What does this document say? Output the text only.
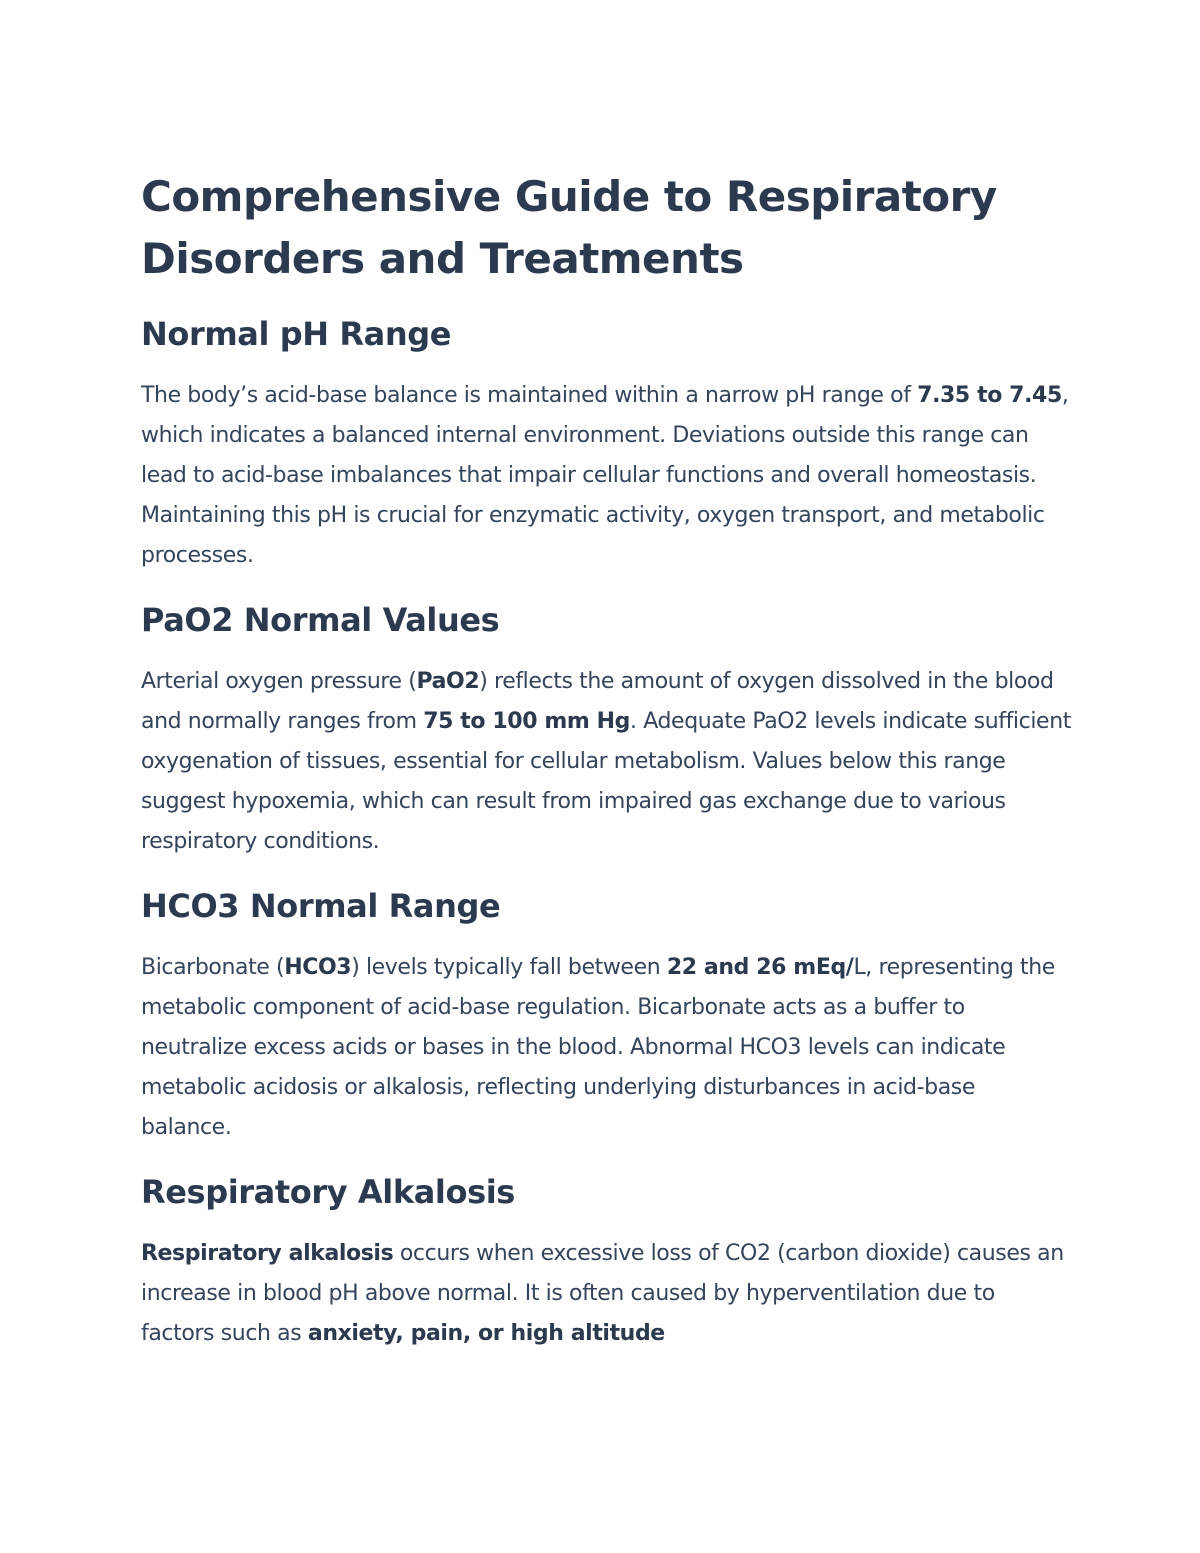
Comprehensive Guide to Respiratory Disorders and Treatments
Normal pH Range

The body’s acid-base balance is maintained within a narrow pH range of 7.35 to 7.45, which indicates a balanced internal environment. Deviations outside this range can lead to acid-base imbalances that impair cellular functions and overall homeostasis. Maintaining this pH is crucial for enzymatic activity, oxygen transport, and metabolic processes.

PaO2 Normal Values

Arterial oxygen pressure (PaO2) reflects the amount of oxygen dissolved in the blood and normally ranges from 75 to 100 mm Hg. Adequate PaO2 levels indicate sufficient oxygenation of tissues, essential for cellular metabolism. Values below this range suggest hypoxemia, which can result from impaired gas exchange due to various respiratory conditions.

HCO3 Normal Range

Bicarbonate (HCO3) levels typically fall between 22 and 26 mEq/L, representing the metabolic component of acid-base regulation. Bicarbonate acts as a buffer to neutralize excess acids or bases in the blood. Abnormal HCO3 levels can indicate metabolic acidosis or alkalosis, reflecting underlying disturbances in acid-base balance.

Respiratory Alkalosis

Respiratory alkalosis occurs when excessive loss of CO2 (carbon dioxide) causes an increase in blood pH above normal. It is often caused by hyperventilation due to factors such as anxiety, pain, or high altitude
